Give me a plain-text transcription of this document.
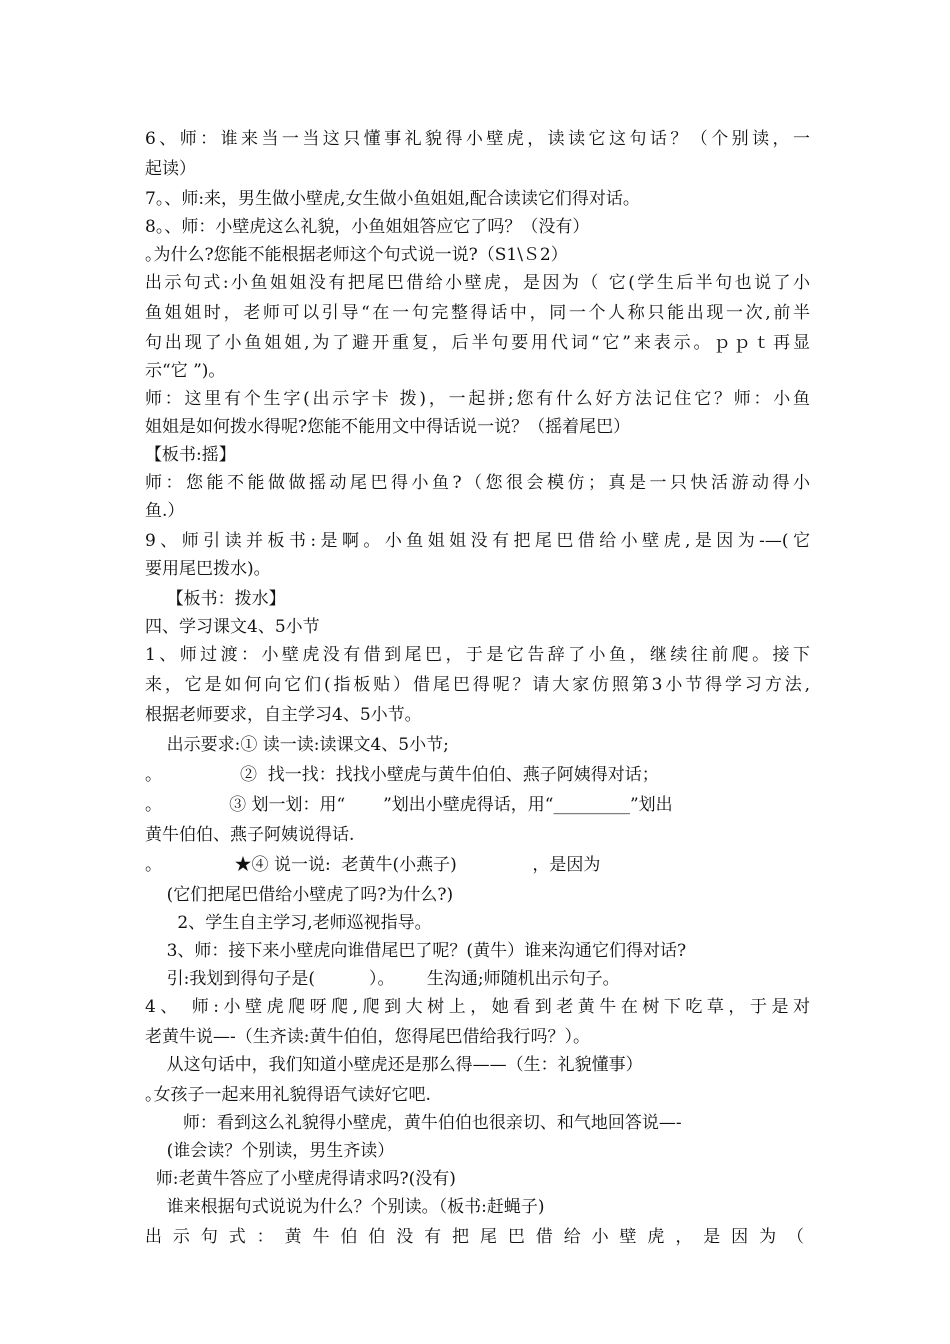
6、师：谁来当一当这只懂事礼貌得小壁虎，读读它这句话？（个别读，一
起读）
7｡、师:来，男生做小壁虎,女生做小鱼姐姐,配合读读它们得对话。
8｡、师：小壁虎这么礼貌，小鱼姐姐答应它了吗？（没有）
｡为什么?您能不能根据老师这个句式说一说?（S1\Ｓ2）
出示句式:小鱼姐姐没有把尾巴借给小壁虎，是因为（ 它(学生后半句也说了小
鱼姐姐时，老师可以引导“在一句完整得话中，同一个人称只能出现一次,前半
句出现了小鱼姐姐,为了避开重复，后半句要用代词“它”来表示。ｐｐｔ再显
示“它 ”)。
师：这里有个生字(出示字卡 拨)，一起拼;您有什么好方法记住它？师：小鱼
姐姐是如何拨水得呢?您能不能用文中得话说一说？（摇着尾巴）
【板书:摇】
师：您能不能做做摇动尾巴得小鱼?（您很会模仿；真是一只快活游动得小
鱼.）
9、师引读并板书:是啊。小鱼姐姐没有把尾巴借给小壁虎,是因为-—(它
要用尾巴拨水)。
【板书：拨水】
四、学习课文4、5小节
1、师过渡：小壁虎没有借到尾巴，于是它告辞了小鱼，继续往前爬。接下
来，它是如何向它们(指板贴）借尾巴得呢？请大家仿照第3小节得学习方法,
根据老师要求，自主学习4、5小节。
出示要求:① 读一读:读课文4、5小节;
｡                ②  找一找：找找小壁虎与黄牛伯伯、燕子阿姨得对话；
｡              ③ 划一划：用“       ”划出小壁虎得话，用“_________”划出
黄牛伯伯、燕子阿姨说得话.
｡               ★④ 说一说:  老黄牛(小燕子)              ，是因为
(它们把尾巴借给小壁虎了吗?为什么?)
2、学生自主学习,老师巡视指导。
3、师：接下来小壁虎向谁借尾巴了呢？(黄牛）谁来沟通它们得对话?
引:我划到得句子是(          ）。      生沟通;师随机出示句子。
4、 师:小壁虎爬呀爬,爬到大树上，她看到老黄牛在树下吃草，于是对
老黄牛说—-（生齐读:黄牛伯伯，您得尾巴借给我行吗？）。
从这句话中，我们知道小壁虎还是那么得——（生：礼貌懂事）
｡女孩子一起来用礼貌得语气读好它吧.
师：看到这么礼貌得小壁虎，黄牛伯伯也很亲切、和气地回答说—-
(谁会读？个别读，男生齐读）
师:老黄牛答应了小壁虎得请求吗?(没有)
谁来根据句式说说为什么？个别读。（板书:赶蝇子)
出示句式：黄牛伯伯没有把尾巴借给小壁虎，是因为（
